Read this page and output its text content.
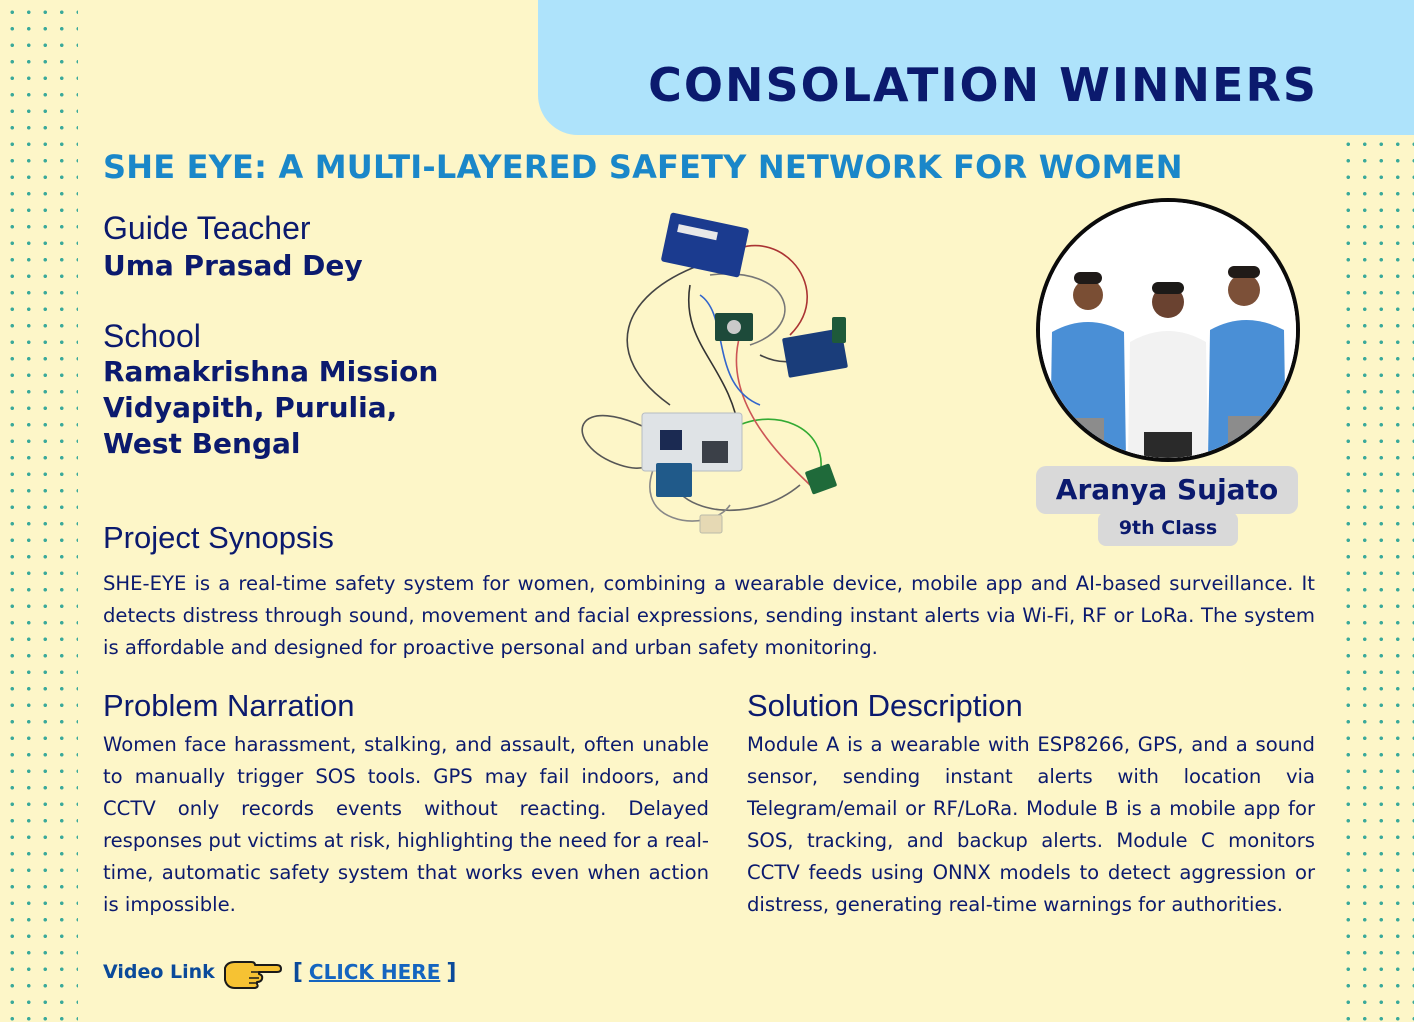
CONSOLATION WINNERS
SHE EYE: A MULTI-LAYERED SAFETY NETWORK FOR WOMEN
Guide Teacher
Uma Prasad Dey
School
Ramakrishna Mission
Vidyapith, Purulia,
West Bengal
Aranya Sujato
9th Class
Project Synopsis

SHE-EYE is a real-time safety system for women, combining a wearable device, mobile app and AI-based surveillance. It detects distress through sound, movement and facial expressions, sending instant alerts via Wi-Fi, RF or LoRa. The system is affordable and designed for proactive personal and urban safety monitoring.

Problem Narration

Women face harassment, stalking, and assault, often unable to manually trigger SOS tools. GPS may fail indoors, and CCTV only records events without reacting. Delayed responses put victims at risk, highlighting the need for a real-time, automatic safety system that works even when action is impossible.

Solution Description

Module A is a wearable with ESP8266, GPS, and a sound sensor, sending instant alerts with location via Telegram/email or RF/LoRa. Module B is a mobile app for SOS, tracking, and backup alerts. Module C monitors CCTV feeds using ONNX models to detect aggression or distress, generating real-time warnings for authorities.

Video Link	[ CLICK HERE ]
